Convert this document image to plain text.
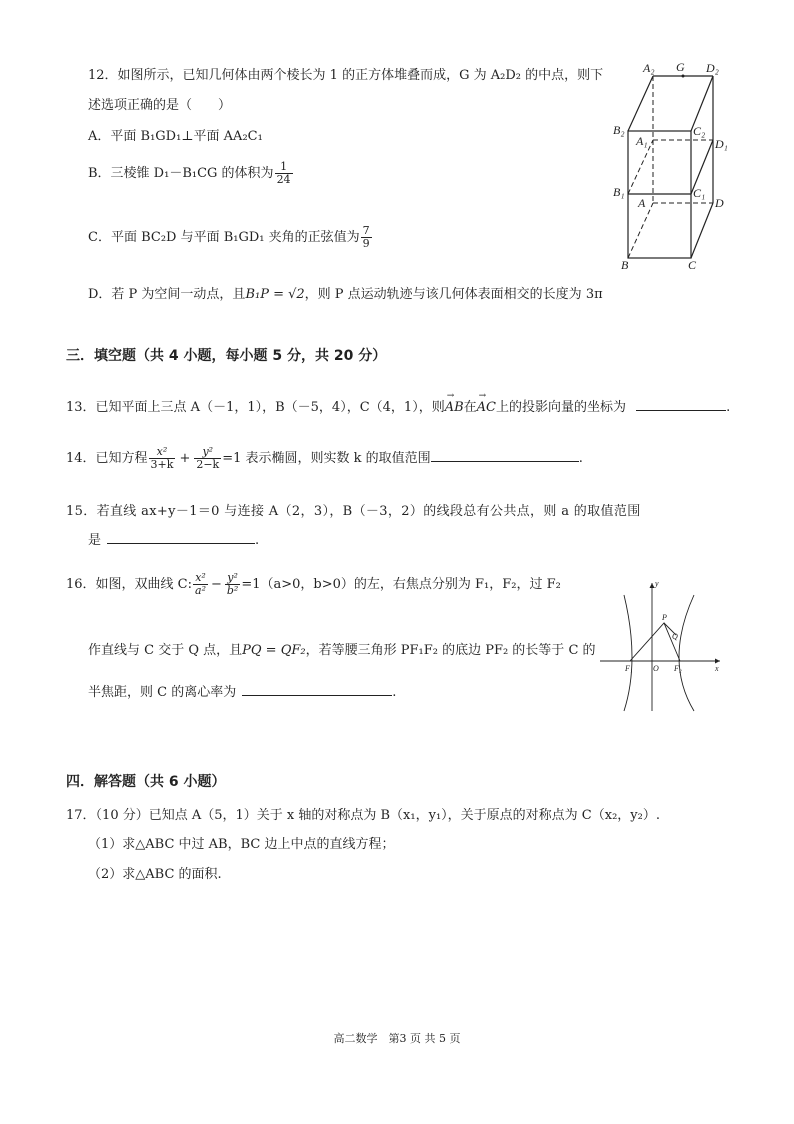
12．如图所示，已知几何体由两个棱长为 1 的正方体堆叠而成，G 为 A₂D₂ 的中点，则下
述选项正确的是（　　）
A．平面 B₁GD₁⊥平面 AA₂C₁
B．三棱锥 D₁－B₁CG 的体积为 $\frac{1}{24}$
C．平面 BC₂D 与平面 B₁GD₁ 夹角的正弦值为 $\frac{7}{9}$
D．若 P 为空间一动点，且B₁P = √2，则 P 点运动轨迹与该几何体表面相交的长度为 3π
A₂ G D₂
B₂	C₂
A₁	D₁
B₁	C₁
A	D
B	C
三．填空题（共 4 小题，每小题 5 分，共 20 分）
13．已知平面上三点 A（－1，1），B（－5，4），C（4，1），则
→
AB在
→
AC上的投影向量的坐标为	.
14．已知方程 $\frac{\text{x²}}{3+k} + \frac{\text{y²}}{2-k} =1$ 表示椭圆，则实数 k 的取值范围	.
15．若直线 ax+y－1＝0 与连接 A（2，3），B（－3，2）的线段总有公共点，则 a 的取值范围
是	.
16．如图，双曲线 C: $\frac{\text{x²}}{\text{a²}} - \frac{\text{y²}}{\text{b²}} =1(a>0$，b>0）的左，右焦点分别为 F₁，F₂，过 F₂
作直线与 C 交于 Q 点，且PQ = QF₂，若等腰三角形 PF₁F₂ 的底边 PF₂ 的长等于 C 的
半焦距，则 C 的离心率为	.
y
x
P
Q
F₁	O F₂
四．解答题（共 6 小题）
17．（10 分）已知点 A（5，1）关于 x 轴的对称点为 B（x₁，y₁），关于原点的对称点为 C（x₂，y₂）.
（1）求△ABC 中过 AB，BC 边上中点的直线方程；
（2）求△ABC 的面积.
高二数学　第3 页 共 5 页
